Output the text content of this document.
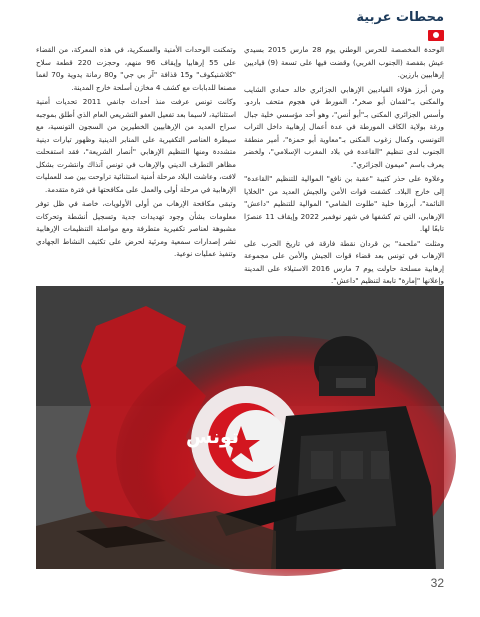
محطات عربية

الوحدة المخصصة للحرس الوطني يوم 28 مارس 2015 بسيدي عيش بقفصة (الجنوب الغربي) وقضت فيها على تسعة (9) قياديين إرهابيين بارزين.

ومن أبرز هؤلاء القياديين الإرهابي الجزائري خالد حمادي الشايب والمكنى بـ"لقمان أبو صخر"، المورط في هجوم متحف باردو. وأسس الجزائري المكنى بـ"أبو أنس"، وهو أحد مؤسسي خلية جبال ورغة بولاية الكاف المورطة في عدة أعمال إرهابية داخل التراب التونسي، وكمال زغوب المكنى بـ"معاوية أبو حمزة"، أمير منطقة الجنوب لدى تنظيم "القاعدة في بلاد المغرب الإسلامي"، ولخضر يعرف باسم "ميمون الجزائري".

وعلاوة على حذر كتيبة "عقبة بن نافع" الموالية للتنظيم "القاعدة" إلى خارج البلاد. كشفت قوات الأمن والجيش العديد من "الخلايا النائمة"، أبرزها خلية "طلوت الشامي" الموالية للتنظيم "داعش" الإرهابي، التي تم كشفها في شهر نوفمبر 2022 وإيقاف 11 عنصرًا تابعًا لها.

ومثلت "ملحمة" بن قردان نقطة فارقة في تاريخ الحرب على الإرهاب في تونس بعد قضاء قوات الجيش والأمن على مجموعة إرهابية مسلحة حاولت يوم 7 مارس 2016 الاستيلاء على المدينة وإعلانها "إمارة" تابعة لتنظيم "داعش".

وتمكنت الوحدات الأمنية والعسكرية، في هذه المعركة، من القضاء على 55 إرهابيا وإيقاف 96 منهم، وحجزت 220 قطعة سلاح "كلاشنيكوف" و15 قذافة "آر بي جي" و80 رمانة يدوية و70 لغما مصنعا للدبابات مع كشف 4 مخازن أسلحة خارج المدينة.

وكانت تونس عرفت منذ أحداث جانفي 2011 تحديات أمنية استثنائية، لاسيما بعد تفعيل العفو التشريعي العام الذي أطلق بموجبه سراح العديد من الإرهابيين الخطيرين من السجون التونسية، مع سيطرة العناصر التكفيرية على المنابر الدينية وظهور تيارات دينية متشددة ومنها التنظيم الإرهابي "أنصار الشريعة"، فقد استفحلت مظاهر التطرف الديني والإرهاب في تونس آنذاك وانتشرت بشكل لافت، وعاشت البلاد مرحلة أمنية استثنائية تراوحت بين صد للعمليات الإرهابية في مرحلة أولى والعمل على مكافحتها في فترة متقدمة.

وتبقى مكافحة الإرهاب من أولى الأولويات، خاصة في ظل توفر معلومات بشأن وجود تهديدات جدية وتسجيل أنشطة وتحركات مشبوهة لعناصر تكفيرية متطرفة ومع مواصلة التنظيمات الإرهابية نشر إصدارات سمعية ومرئية لحرض على تكثيف النشاط الجهادي وتنفيذ عمليات نوعية.

تونس
32
